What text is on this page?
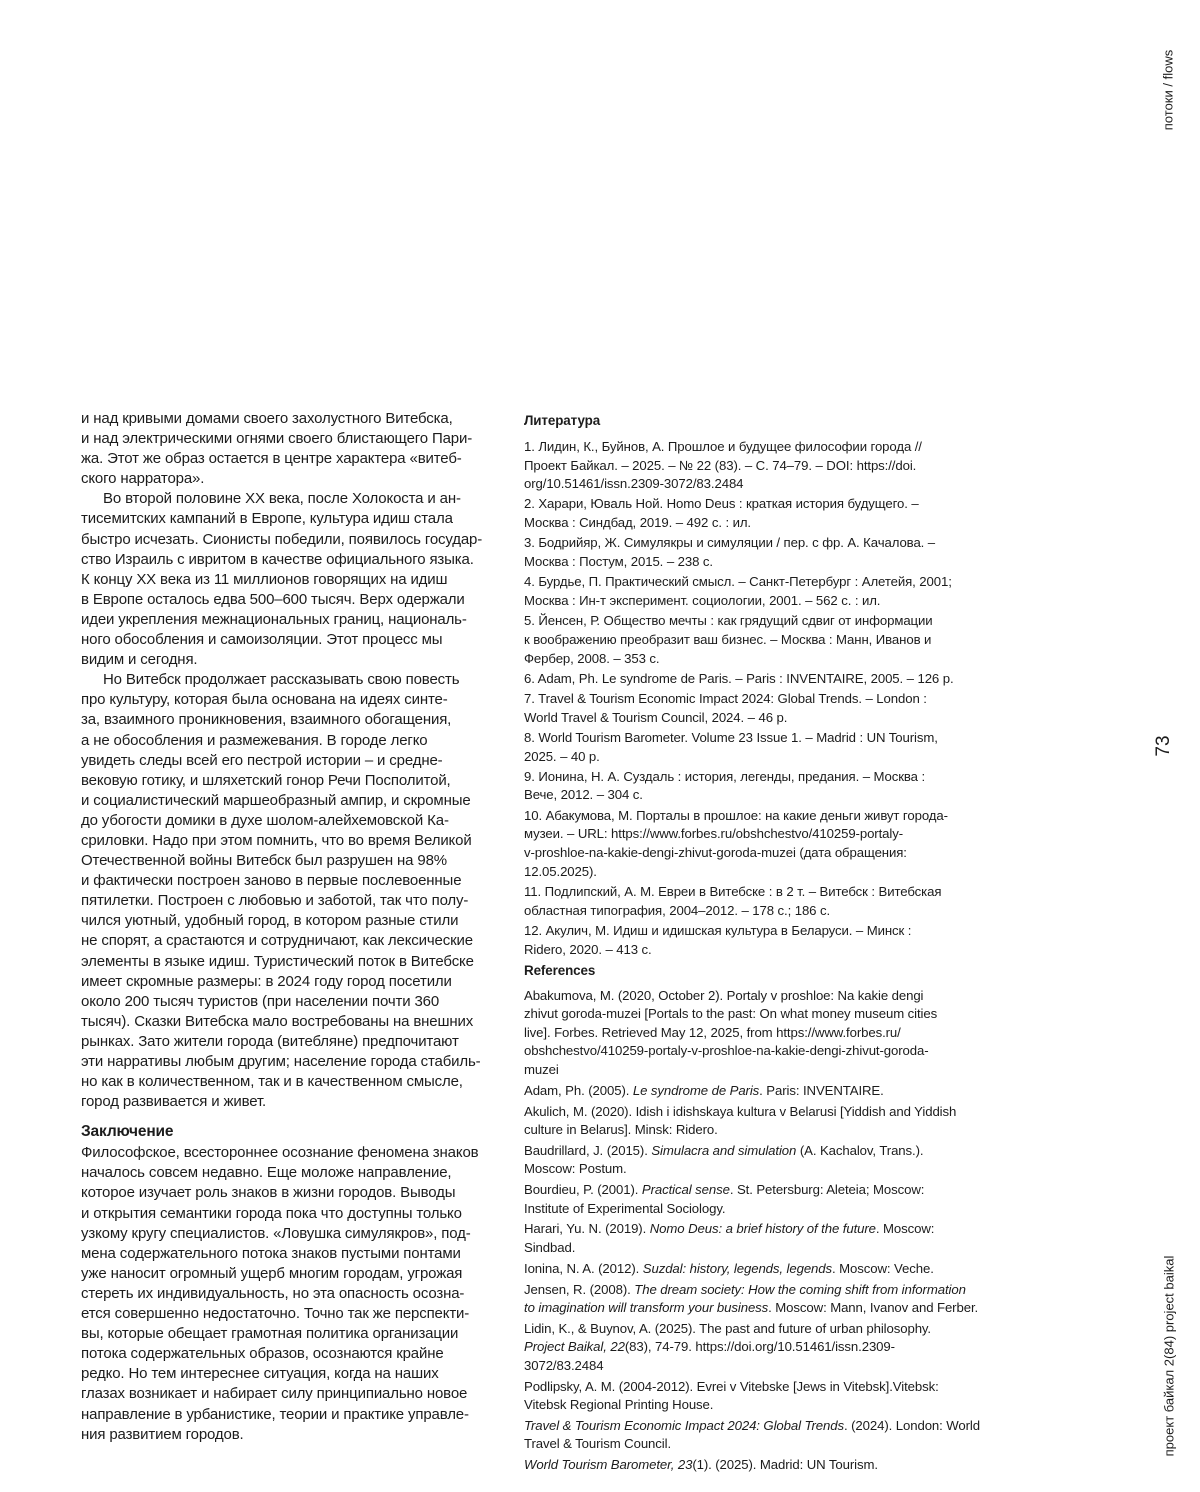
и над кривыми домами своего захолустного Витебска,
и над электрическими огнями своего блистающего Пари-
жа. Этот же образ остается в центре характера «витеб-
ского нарратора».

Во второй половине XX века, после Холокоста и ан-
тисемитских кампаний в Европе, культура идиш стала
быстро исчезать. Сионисты победили, появилось государ-
ство Израиль с ивритом в качестве официального языка.
К концу XX века из 11 миллионов говорящих на идиш
в Европе осталось едва 500–600 тысяч. Верх одержали
идеи укрепления межнациональных границ, националь-
ного обособления и самоизоляции. Этот процесс мы
видим и сегодня.

Но Витебск продолжает рассказывать свою повесть
про культуру, которая была основана на идеях синте-
за, взаимного проникновения, взаимного обогащения,
а не обособления и размежевания. В городе легко
увидеть следы всей его пестрой истории – и средне-
вековую готику, и шляхетский гонор Речи Посполитой,
и социалистический маршеобразный ампир, и скромные
до убогости домики в духе шолом-алейхемовской Ка-
сриловки. Надо при этом помнить, что во время Великой
Отечественной войны Витебск был разрушен на 98%
и фактически построен заново в первые послевоенные
пятилетки. Построен с любовью и заботой, так что полу-
чился уютный, удобный город, в котором разные стили
не спорят, а срастаются и сотрудничают, как лексические
элементы в языке идиш. Туристический поток в Витебске
имеет скромные размеры: в 2024 году город посетили
около 200 тысяч туристов (при населении почти 360
тысяч). Сказки Витебска мало востребованы на внешних
рынках. Зато жители города (витебляне) предпочитают
эти нарративы любым другим; население города стабиль-
но как в количественном, так и в качественном смысле,
город развивается и живет.

Заключение

Философское, всестороннее осознание феномена знаков
началось совсем недавно. Еще моложе направление,
которое изучает роль знаков в жизни городов. Выводы
и открытия семантики города пока что доступны только
узкому кругу специалистов. «Ловушка симулякров», под-
мена содержательного потока знаков пустыми понтами
уже наносит огромный ущерб многим городам, угрожая
стереть их индивидуальность, но эта опасность осозна-
ется совершенно недостаточно. Точно так же перспекти-
вы, которые обещает грамотная политика организации
потока содержательных образов, осознаются крайне
редко. Но тем интереснее ситуация, когда на наших
глазах возникает и набирает силу принципиально новое
направление в урбанистике, теории и практике управле-
ния развитием городов.

Литература

1. Лидин, К., Буйнов, А. Прошлое и будущее философии города //
Проект Байкал. – 2025. – № 22 (83). – С. 74–79. – DOI: https://doi.
org/10.51461/issn.2309-3072/83.2484

2. Харари, Юваль Ной. Homo Deus : краткая история будущего. –
Москва : Синдбад, 2019. – 492 с. : ил.

3. Бодрийяр, Ж. Симулякры и симуляции / пер. с фр. А. Качалова. –
Москва : Постум, 2015. – 238 с.

4. Бурдье, П. Практический смысл. – Санкт-Петербург : Алетейя, 2001;
Москва : Ин-т эксперимент. социологии, 2001. – 562 с. : ил.

5. Йенсен, Р. Общество мечты : как грядущий сдвиг от информации
к воображению преобразит ваш бизнес. – Москва : Манн, Иванов и
Фербер, 2008. – 353 с.

6. Adam, Ph. Le syndrome de Paris. – Paris : INVENTAIRE, 2005. – 126 p.

7. Travel & Tourism Economic Impact 2024: Global Trends. – London :
World Travel & Tourism Council, 2024. – 46 p.

8. World Tourism Barometer. Volume 23 Issue 1. – Madrid : UN Tourism,
2025. – 40 p.

9. Ионина, Н. А. Суздаль : история, легенды, предания. – Москва :
Вече, 2012. – 304 с.

10. Абакумова, М. Порталы в прошлое: на какие деньги живут города-
музеи. – URL: https://www.forbes.ru/obshchestvo/410259-portaly-
v-proshloe-na-kakie-dengi-zhivut-goroda-muzei (дата обращения:
12.05.2025).

11. Подлипский, А. М. Евреи в Витебске : в 2 т. – Витебск : Витебская
областная типография, 2004–2012. – 178 с.; 186 с.

12. Акулич, М. Идиш и идишская культура в Беларуси. – Минск :
Ridero, 2020. – 413 с.

References

Abakumova, M. (2020, October 2). Portaly v proshloe: Na kakie dengi
zhivut goroda-muzei [Portals to the past: On what money museum cities
live]. Forbes. Retrieved May 12, 2025, from https://www.forbes.ru/
obshchestvo/410259-portaly-v-proshloe-na-kakie-dengi-zhivut-goroda-
muzei

Adam, Ph. (2005). Le syndrome de Paris. Paris: INVENTAIRE.

Akulich, M. (2020). Idish i idishskaya kultura v Belarusi [Yiddish and Yiddish
culture in Belarus]. Minsk: Ridero.

Baudrillard, J. (2015). Simulacra and simulation (A. Kachalov, Trans.).
Moscow: Postum.

Bourdieu, P. (2001). Practical sense. St. Petersburg: Aleteia; Moscow:
Institute of Experimental Sociology.

Harari, Yu. N. (2019). Nomo Deus: a brief history of the future. Moscow:
Sindbad.

Ionina, N. A. (2012). Suzdal: history, legends, legends. Moscow: Veche.

Jensen, R. (2008). The dream society: How the coming shift from information
to imagination will transform your business. Moscow: Mann, Ivanov and Ferber.

Lidin, K., & Buynov, A. (2025). The past and future of urban philosophy.
Project Baikal, 22(83), 74-79. https://doi.org/10.51461/issn.2309-
3072/83.2484

Podlipsky, A. M. (2004-2012). Evrei v Vitebske [Jews in Vitebsk].Vitebsk:
Vitebsk Regional Printing House.

Travel & Tourism Economic Impact 2024: Global Trends. (2024). London: World
Travel & Tourism Council.

World Tourism Barometer, 23(1). (2025). Madrid: UN Tourism.

потоки / flows
73
проект байкал 2(84) project baikal
